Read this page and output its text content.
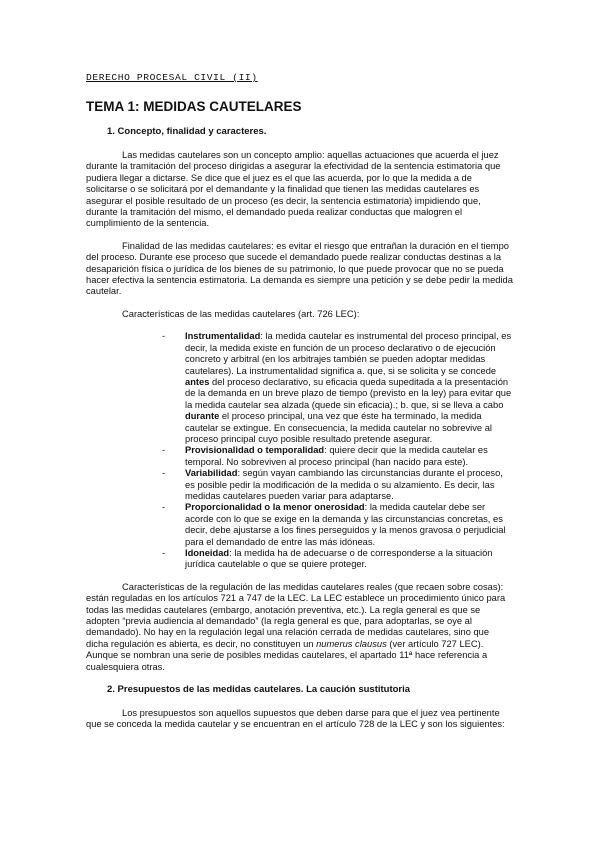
DERECHO PROCESAL CIVIL (II)
TEMA 1: MEDIDAS CAUTELARES
1. Concepto, finalidad y caracteres.

Las medidas cautelares son un concepto amplio: aquellas actuaciones que acuerda el juez durante la tramitación del proceso dirigidas a asegurar la efectividad de la sentencia estimatoria que pudiera llegar a dictarse. Se dice que el juez es el que las acuerda, por lo que la medida a de solicitarse o se solicitará por el demandante y la finalidad que tienen las medidas cautelares es asegurar el posible resultado de un proceso (es decir, la sentencia estimatoria) impidiendo que, durante la tramitación del mismo, el demandado pueda realizar conductas que malogren el cumplimiento de la sentencia.

Finalidad de las medidas cautelares: es evitar el riesgo que entrañan la duración en el tiempo del proceso. Durante ese proceso que sucede el demandado puede realizar conductas destinas a la desaparición física o jurídica de los bienes de su patrimonio, lo que puede provocar que no se pueda hacer efectiva la sentencia estimatoria. La demanda es siempre una petición y se debe pedir la medida cautelar.

Características de las medidas cautelares (art. 726 LEC):

- Instrumentalidad: la medida cautelar es instrumental del proceso principal, es decir, la medida existe en función de un proceso declarativo o de ejecución concreto y arbitral (en los arbitrajes también se pueden adoptar medidas cautelares). La instrumentalidad significa a. que, si se solicita y se concede antes del proceso declarativo, su eficacia queda supeditada a la presentación de la demanda en un breve plazo de tiempo (previsto en la ley) para evitar que la medida cautelar sea alzada (quede sin eficacia).; b. que, si se lleva a cabo durante el proceso principal, una vez que éste ha terminado, la medida cautelar se extingue. En consecuencia, la medida cautelar no sobrevive al proceso principal cuyo posible resultado pretende asegurar.
- Provisionalidad o temporalidad: quiere decir que la medida cautelar es temporal. No sobreviven al proceso principal (han nacido para este).
- Variabilidad: según vayan cambiando las circunstancias durante el proceso, es posible pedir la modificación de la medida o su alzamiento. Es decir, las medidas cautelares pueden variar para adaptarse.
- Proporcionalidad o la menor onerosidad: la medida cautelar debe ser acorde con lo que se exige en la demanda y las circunstancias concretas, es decir, debe ajustarse a los fines perseguidos y la menos gravosa o perjudicial para el demandado de entre las más idóneas.
- Idoneidad: la medida ha de adecuarse o de corresponderse a la situación jurídica cautelable o que se quiere proteger.

Características de la regulación de las medidas cautelares reales (que recaen sobre cosas): están reguladas en los artículos 721 a 747 de la LEC. La LEC establece un procedimiento único para todas las medidas cautelares (embargo, anotación preventiva, etc.). La regla general es que se adopten “previa audiencia al demandado” (la regla general es que, para adoptarlas, se oye al demandado). No hay en la regulación legal una relación cerrada de medidas cautelares, sino que dicha regulación es abierta, es decir, no constituyen un numerus clausus (ver artículo 727 LEC). Aunque se nombran una serie de posibles medidas cautelares, el apartado 11ª hace referencia a cualesquiera otras.

2. Presupuestos de las medidas cautelares. La caución sustitutoria

Los presupuestos son aquellos supuestos que deben darse para que el juez vea pertinente que se conceda la medida cautelar y se encuentran en el artículo 728 de la LEC y son los siguientes:
